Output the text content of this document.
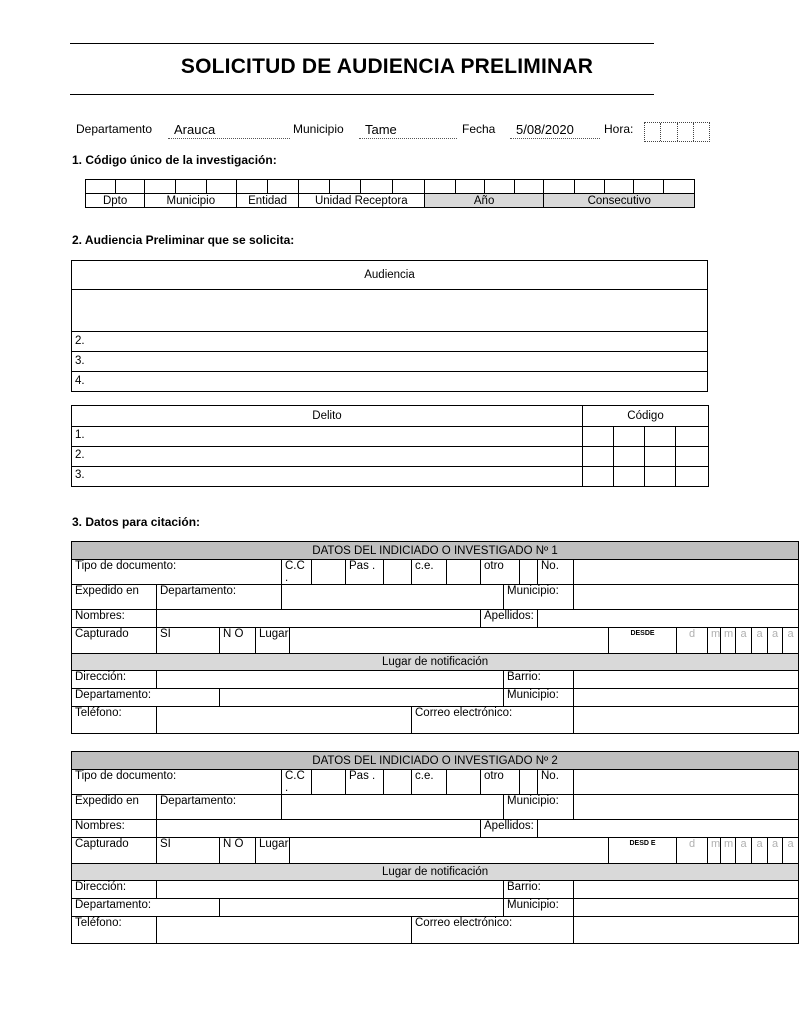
SOLICITUD DE AUDIENCIA PRELIMINAR
Departamento	Arauca	Municipio	Tame	Fecha	5/08/2020	Hora:
1. Código único de la investigación:

Dpto		Municipio			Entidad		Unidad Receptora				Año				Consecutivo				
2. Audiencia Preliminar que se solicita:
Audiencia

2.
3.
4.
Delito	Código			
1.				
2.				
3.				
3. Datos para citación:
DATOS DEL INDICIADO O INVESTIGADO Nº 1																							
Tipo de documento:				C.C .			Pas .		c.e.		otro			No.									
Expedido en	Departamento:											Municipio:											
Nombres:											Apellidos:												
Capturado	SI	N O	Lugar													DESDE	d	m	m	a	a	a	a
Lugar de notificación																							
Dirección:												Barrio:											
Departamento:												Municipio:											
Teléfono:									Correo electrónico:														
DATOS DEL INDICIADO O INVESTIGADO Nº 2																							
Tipo de documento:				C.C .			Pas .		c.e.		otro			No.									
Expedido en	Departamento:											Municipio:											
Nombres:											Apellidos:												
Capturado	SI	N O	Lugar													DESD E	d	m	m	a	a	a	a
Lugar de notificación																							
Dirección:												Barrio:											
Departamento:												Municipio:											
Teléfono:									Correo electrónico:														
